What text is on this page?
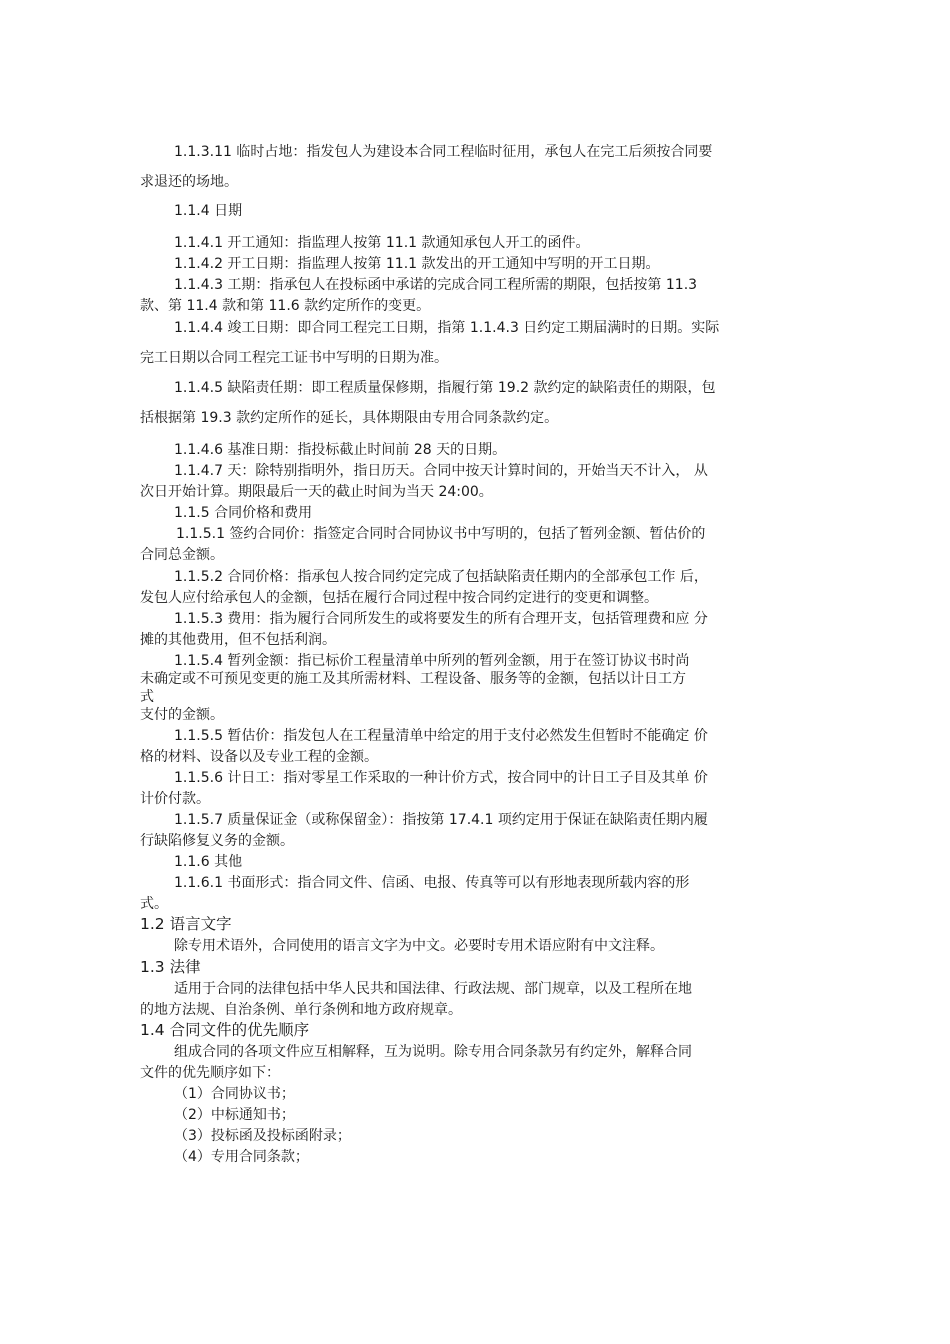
1.1.3.11 临时占地：指发包人为建设本合同工程临时征用，承包人在完工后须按合同要
求退还的场地。
1.1.4 日期
1.1.4.1 开工通知：指监理人按第 11.1 款通知承包人开工的函件。
1.1.4.2 开工日期：指监理人按第 11.1 款发出的开工通知中写明的开工日期。
1.1.4.3 工期：指承包人在投标函中承诺的完成合同工程所需的期限，包括按第 11.3
款、第 11.4 款和第 11.6 款约定所作的变更。
1.1.4.4 竣工日期：即合同工程完工日期，指第 1.1.4.3 日约定工期届满时的日期。实际
完工日期以合同工程完工证书中写明的日期为准。
1.1.4.5 缺陷责任期：即工程质量保修期，指履行第 19.2 款约定的缺陷责任的期限，包
括根据第 19.3 款约定所作的延长，具体期限由专用合同条款约定。
1.1.4.6 基准日期：指投标截止时间前 28 天的日期。
1.1.4.7 天：除特别指明外，指日历天。合同中按天计算时间的，开始当天不计入， 从
次日开始计算。期限最后一天的截止时间为当天 24:00。
1.1.5 合同价格和费用
1.1.5.1 签约合同价：指签定合同时合同协议书中写明的，包括了暂列金额、暂估价的
合同总金额。
1.1.5.2 合同价格：指承包人按合同约定完成了包括缺陷责任期内的全部承包工作 后，
发包人应付给承包人的金额，包括在履行合同过程中按合同约定进行的变更和调整。
1.1.5.3 费用：指为履行合同所发生的或将要发生的所有合理开支，包括管理费和应 分
摊的其他费用，但不包括利润。
1.1.5.4 暂列金额：指已标价工程量清单中所列的暂列金额，用于在签订协议书时尚
未确定或不可预见变更的施工及其所需材料、工程设备、服务等的金额，包括以计日工方
式
支付的金额。
1.1.5.5 暂估价：指发包人在工程量清单中给定的用于支付必然发生但暂时不能确定 价
格的材料、设备以及专业工程的金额。
1.1.5.6 计日工：指对零星工作采取的一种计价方式，按合同中的计日工子目及其单 价
计价付款。
1.1.5.7 质量保证金（或称保留金）：指按第 17.4.1 项约定用于保证在缺陷责任期内履
行缺陷修复义务的金额。
1.1.6 其他
1.1.6.1 书面形式：指合同文件、信函、电报、传真等可以有形地表现所载内容的形
式。
1.2 语言文字
除专用术语外，合同使用的语言文字为中文。必要时专用术语应附有中文注释。
1.3 法律
适用于合同的法律包括中华人民共和国法律、行政法规、部门规章，以及工程所在地
的地方法规、自治条例、单行条例和地方政府规章。
1.4 合同文件的优先顺序
组成合同的各项文件应互相解释，互为说明。除专用合同条款另有约定外，解释合同
文件的优先顺序如下：
（1）合同协议书；
（2）中标通知书；
（3）投标函及投标函附录；
（4）专用合同条款；
